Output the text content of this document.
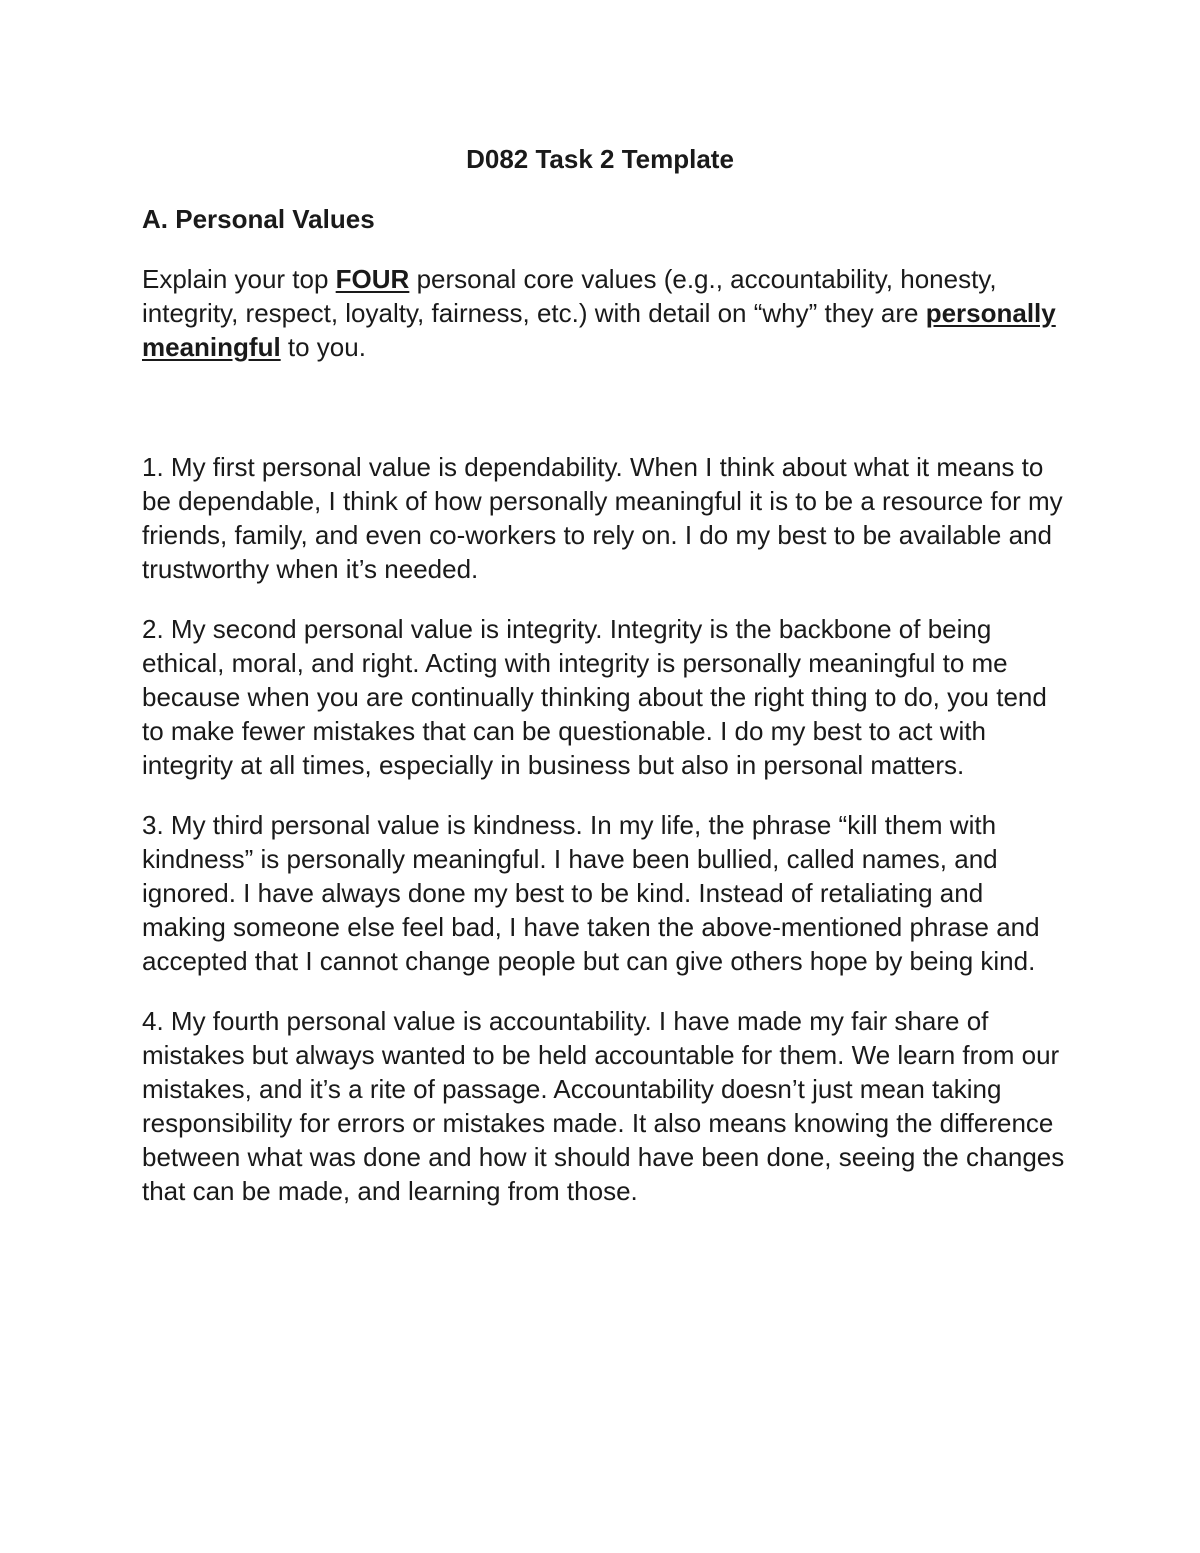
D082 Task 2 Template
A. Personal Values

Explain your top FOUR personal core values (e.g., accountability, honesty, integrity, respect, loyalty, fairness, etc.) with detail on “why” they are personally meaningful to you.

1. My first personal value is dependability. When I think about what it means to be dependable, I think of how personally meaningful it is to be a resource for my friends, family, and even co-workers to rely on. I do my best to be available and trustworthy when it’s needed.

2. My second personal value is integrity. Integrity is the backbone of being ethical, moral, and right. Acting with integrity is personally meaningful to me because when you are continually thinking about the right thing to do, you tend to make fewer mistakes that can be questionable. I do my best to act with integrity at all times, especially in business but also in personal matters.

3. My third personal value is kindness. In my life, the phrase “kill them with kindness” is personally meaningful. I have been bullied, called names, and ignored. I have always done my best to be kind. Instead of retaliating and making someone else feel bad, I have taken the above-mentioned phrase and accepted that I cannot change people but can give others hope by being kind.

4. My fourth personal value is accountability. I have made my fair share of mistakes but always wanted to be held accountable for them. We learn from our mistakes, and it’s a rite of passage. Accountability doesn’t just mean taking responsibility for errors or mistakes made. It also means knowing the difference between what was done and how it should have been done, seeing the changes that can be made, and learning from those.
